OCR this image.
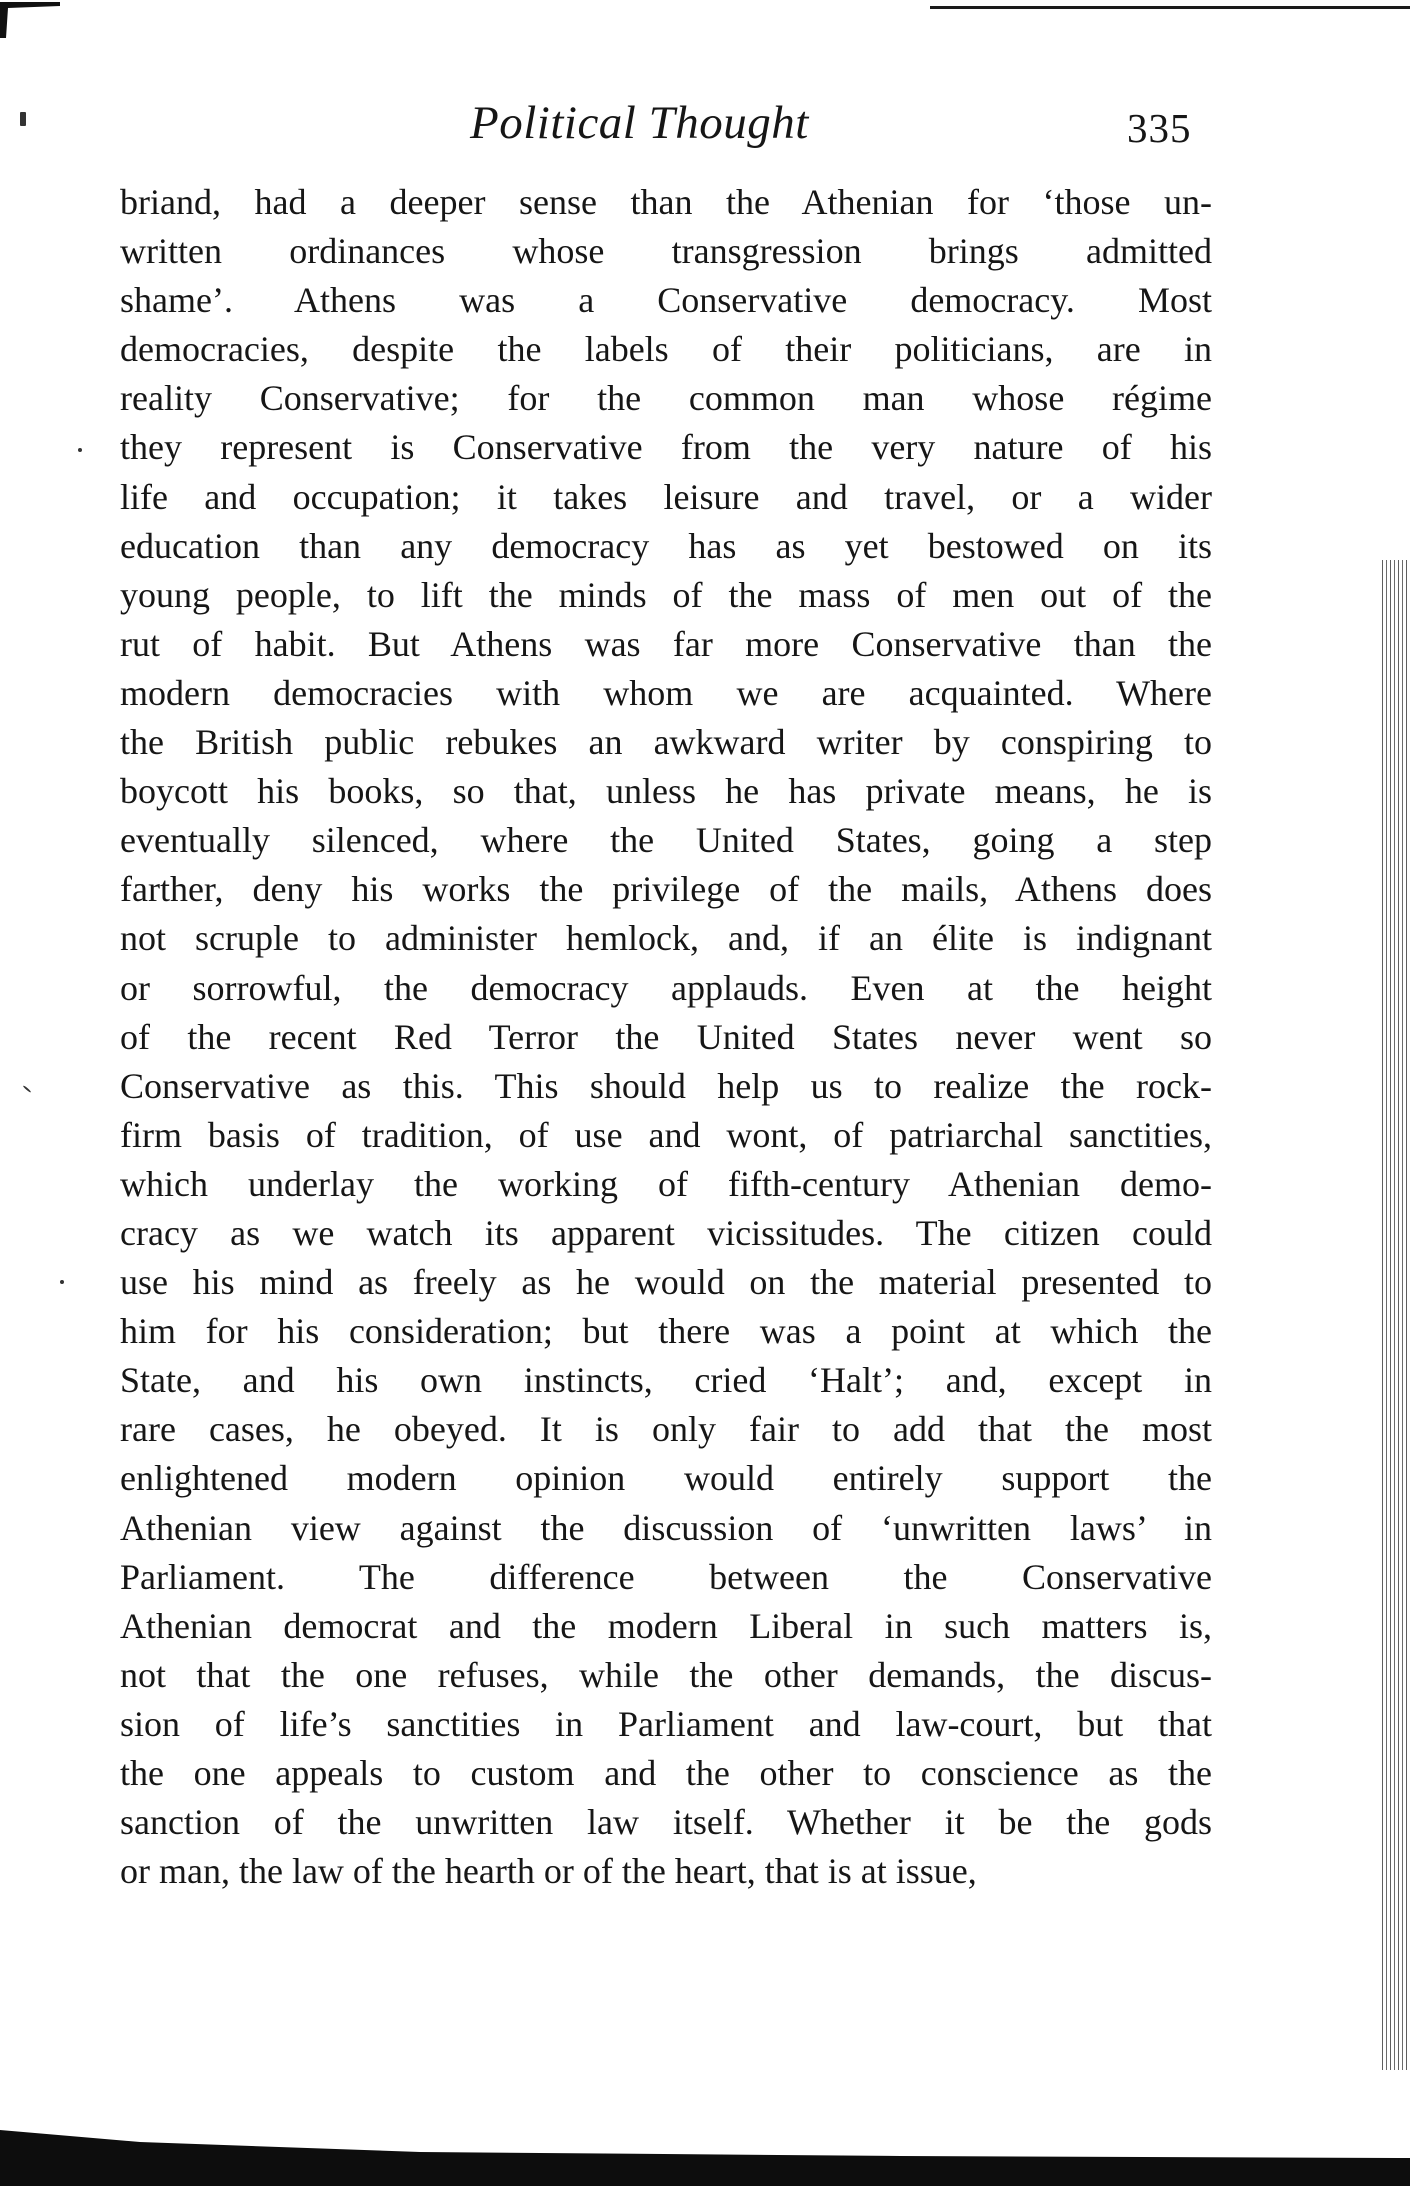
Political Thought	335
briand, had a deeper sense than the Athenian for ‘those un-
written ordinances whose transgression brings admitted
shame’. Athens was a Conservative democracy. Most
democracies, despite the labels of their politicians, are in
reality Conservative; for the common man whose régime
they represent is Conservative from the very nature of his
life and occupation; it takes leisure and travel, or a wider
education than any democracy has as yet bestowed on its
young people, to lift the minds of the mass of men out of the
rut of habit. But Athens was far more Conservative than the
modern democracies with whom we are acquainted. Where
the British public rebukes an awkward writer by conspiring to
boycott his books, so that, unless he has private means, he is
eventually silenced, where the United States, going a step
farther, deny his works the privilege of the mails, Athens does
not scruple to administer hemlock, and, if an élite is indignant
or sorrowful, the democracy applauds. Even at the height
of the recent Red Terror the United States never went so
Conservative as this. This should help us to realize the rock-
firm basis of tradition, of use and wont, of patriarchal sanctities,
which underlay the working of fifth-century Athenian demo-
cracy as we watch its apparent vicissitudes. The citizen could
use his mind as freely as he would on the material presented to
him for his consideration; but there was a point at which the
State, and his own instincts, cried ‘Halt’; and, except in
rare cases, he obeyed. It is only fair to add that the most
enlightened modern opinion would entirely support the
Athenian view against the discussion of ‘unwritten laws’ in
Parliament. The difference between the Conservative
Athenian democrat and the modern Liberal in such matters is,
not that the one refuses, while the other demands, the discus-
sion of life’s sanctities in Parliament and law-court, but that
the one appeals to custom and the other to conscience as the
sanction of the unwritten law itself. Whether it be the gods
or man, the law of the hearth or of the heart, that is at issue,
